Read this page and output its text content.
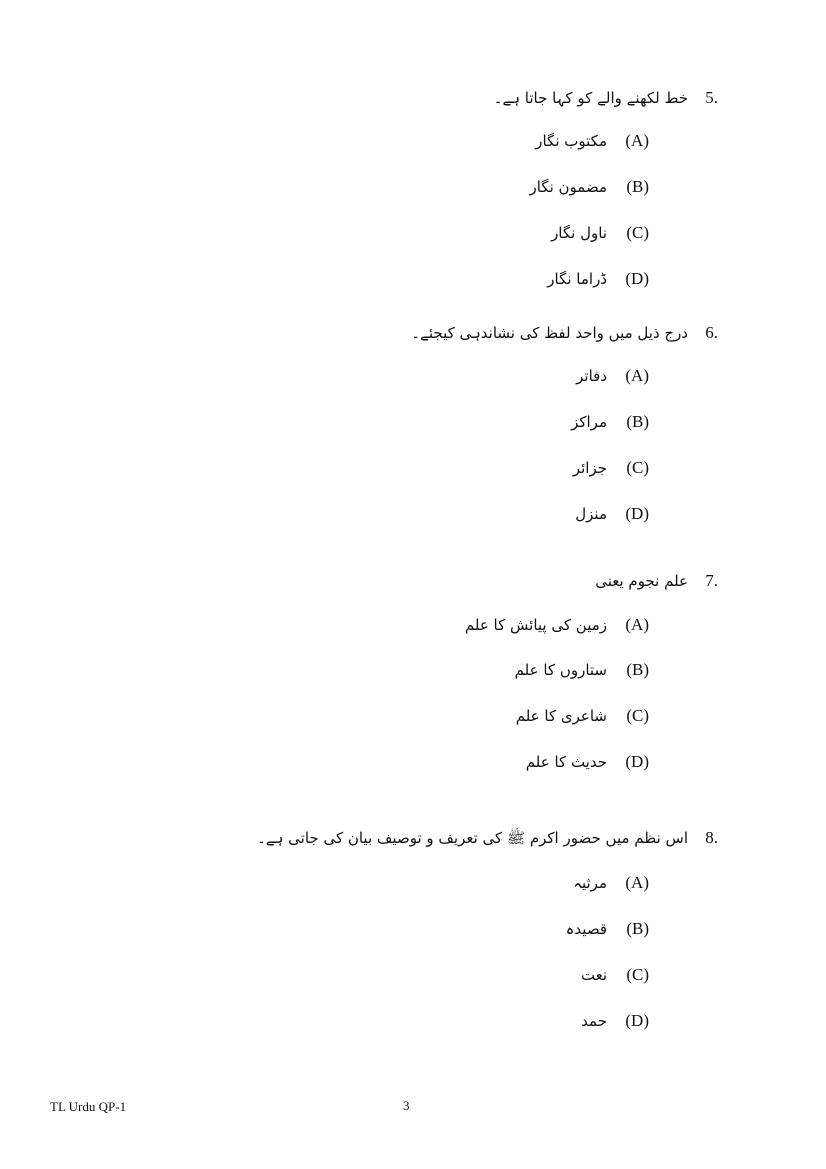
5.
خط لکھنے والے کو کہا جاتا ہے۔
(A)
مکتوب نگار
(B)
مضمون نگار
(C)
ناول نگار
(D)
ڈراما نگار
6.
درج ذیل میں واحد لفظ کی نشاندہی کیجئے۔
(A)
دفاتر
(B)
مراکز
(C)
جزائر
(D)
منزل
7.
علم نجوم یعنی
(A)
زمین کی پیائش کا علم
(B)
ستاروں کا علم
(C)
شاعری کا علم
(D)
حدیث کا علم
8.
اس نظم میں حضور اکرم ﷺ کی تعریف و توصیف بیان کی جاتی ہے۔
(A)
مرثیہ
(B)
قصیدہ
(C)
نعت
(D)
حمد
TL Urdu QP-1	3
